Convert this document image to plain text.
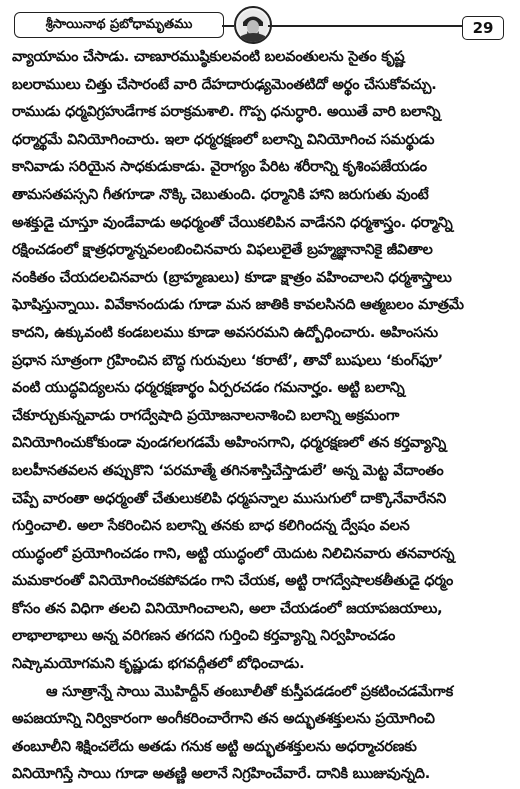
శ్రీసాయినాథ ప్రబోధామృతము	29
వ్యాయామం చేసాడు. చాణూరముష్ఠికులవంటి బలవంతులను సైతం కృష్ణ
బలరాములు చిత్తు చేసారంటే వారి దేహదారుఢ్యమెంతటిదో అర్థం చేసుకోవచ్చు.
రాముడు ధర్మవిగ్రహుడేగాక పరాక్రమశాలి. గొప్ప ధనుర్ధారి. అయితే వారి బలాన్ని
ధర్మార్థమే వినియోగించారు. ఇలా ధర్మరక్షణలో బలాన్ని వినియోగించ సమర్థుడు
కానివాడు సరియైన సాధకుడుకాడు. వైరాగ్యం పేరిట శరీరాన్ని కృశింపజేయడం
తామసతపస్సని గీతగూడా నొక్కి చెబుతుంది. ధర్మానికి హాని జరుగుతు వుంటే
అశక్తుడై చూస్తూ వుండేవాడు అధర్మంతో చేయికలిపిన వాడేనని ధర్మశాస్త్రం. ధర్మాన్ని
రక్షించడంలో క్షాత్రధర్మాన్నవలంబించినవారు విఫలులైతే బ్రహ్మజ్ఞానానికై జీవితాల
నంకితం చేయదలచినవారు (బ్రాహ్మణులు) కూడా క్షాత్రం వహించాలని ధర్మశాస్త్రాలు
ఘోషిస్తున్నాయి. వివేకానందుడు గూడా మన జాతికి కావలసినది ఆత్మబలం మాత్రమే
కాదని, ఉక్కువంటి కండబలము కూడా అవసరమని ఉద్బోధించారు. అహింసను
ప్రధాన సూత్రంగా గ్రహించిన బౌద్ధ గురువులు ‘కరాటే’, తావో బుషులు ‘కుంగ్‌ఫూ’
వంటి యుద్ధవిద్యలను ధర్మరక్షణార్థం ఏర్పరచడం గమనార్హం. అట్టి బలాన్ని
చేకూర్చుకున్నవాడు రాగద్వేషాది ప్రయోజనాలనాశించి బలాన్ని అక్రమంగా
వినియోగించుకోకుండా వుండగలగడమే అహింసగాని, ధర్మరక్షణలో తన కర్తవ్యాన్ని
బలహీనతవలన తప్పుకొని ‘పరమాత్మే తగినశాస్తిచేస్తాడులే’ అన్న మెట్ట వేదాంతం
చెప్పే వారంతా అధర్మంతో చేతులుకలిపి ధర్మపన్నాల ముసుగులో దాక్కొనేవారేనని
గుర్తించాలి. అలా సేకరించిన బలాన్ని తనకు బాధ కలిగిందన్న ద్వేషం వలన
యుద్ధంలో ప్రయోగించడం గాని, అట్టి యుద్ధంలో యెదుట నిలిచినవారు తనవారన్న
మమకారంతో వినియోగించకపోవడం గాని చేయక, అట్టి రాగద్వేషాలకతీతుడై ధర్మం
కోసం తన విధిగా తలచి వినియోగించాలని, అలా చేయడంలో జయాపజయాలు,
లాభాలాభాలు అన్న వరిగణన తగదని గుర్తించి కర్తవ్యాన్ని నిర్వహించడం
నిష్కామయోగమని కృష్ణుడు భగవద్గీతలో బోధించాడు.
ఆ సూత్రాన్నే సాయి మొహిద్దీన్ తంబూలీతో కుస్తీపడడంలో ప్రకటించడమేగాక
అపజయాన్ని నిర్వికారంగా అంగీకరించారేగాని తన అద్భుతశక్తులను ప్రయోగించి
తంబూలీని శిక్షించలేదు అతడు గనుక అట్టి అద్భుతశక్తులను అధర్మాచరణకు
వినియోగిస్తే సాయి గూడా అతణ్ణి అలానే నిగ్రహించేవారే. దానికి ఋజువున్నది.
